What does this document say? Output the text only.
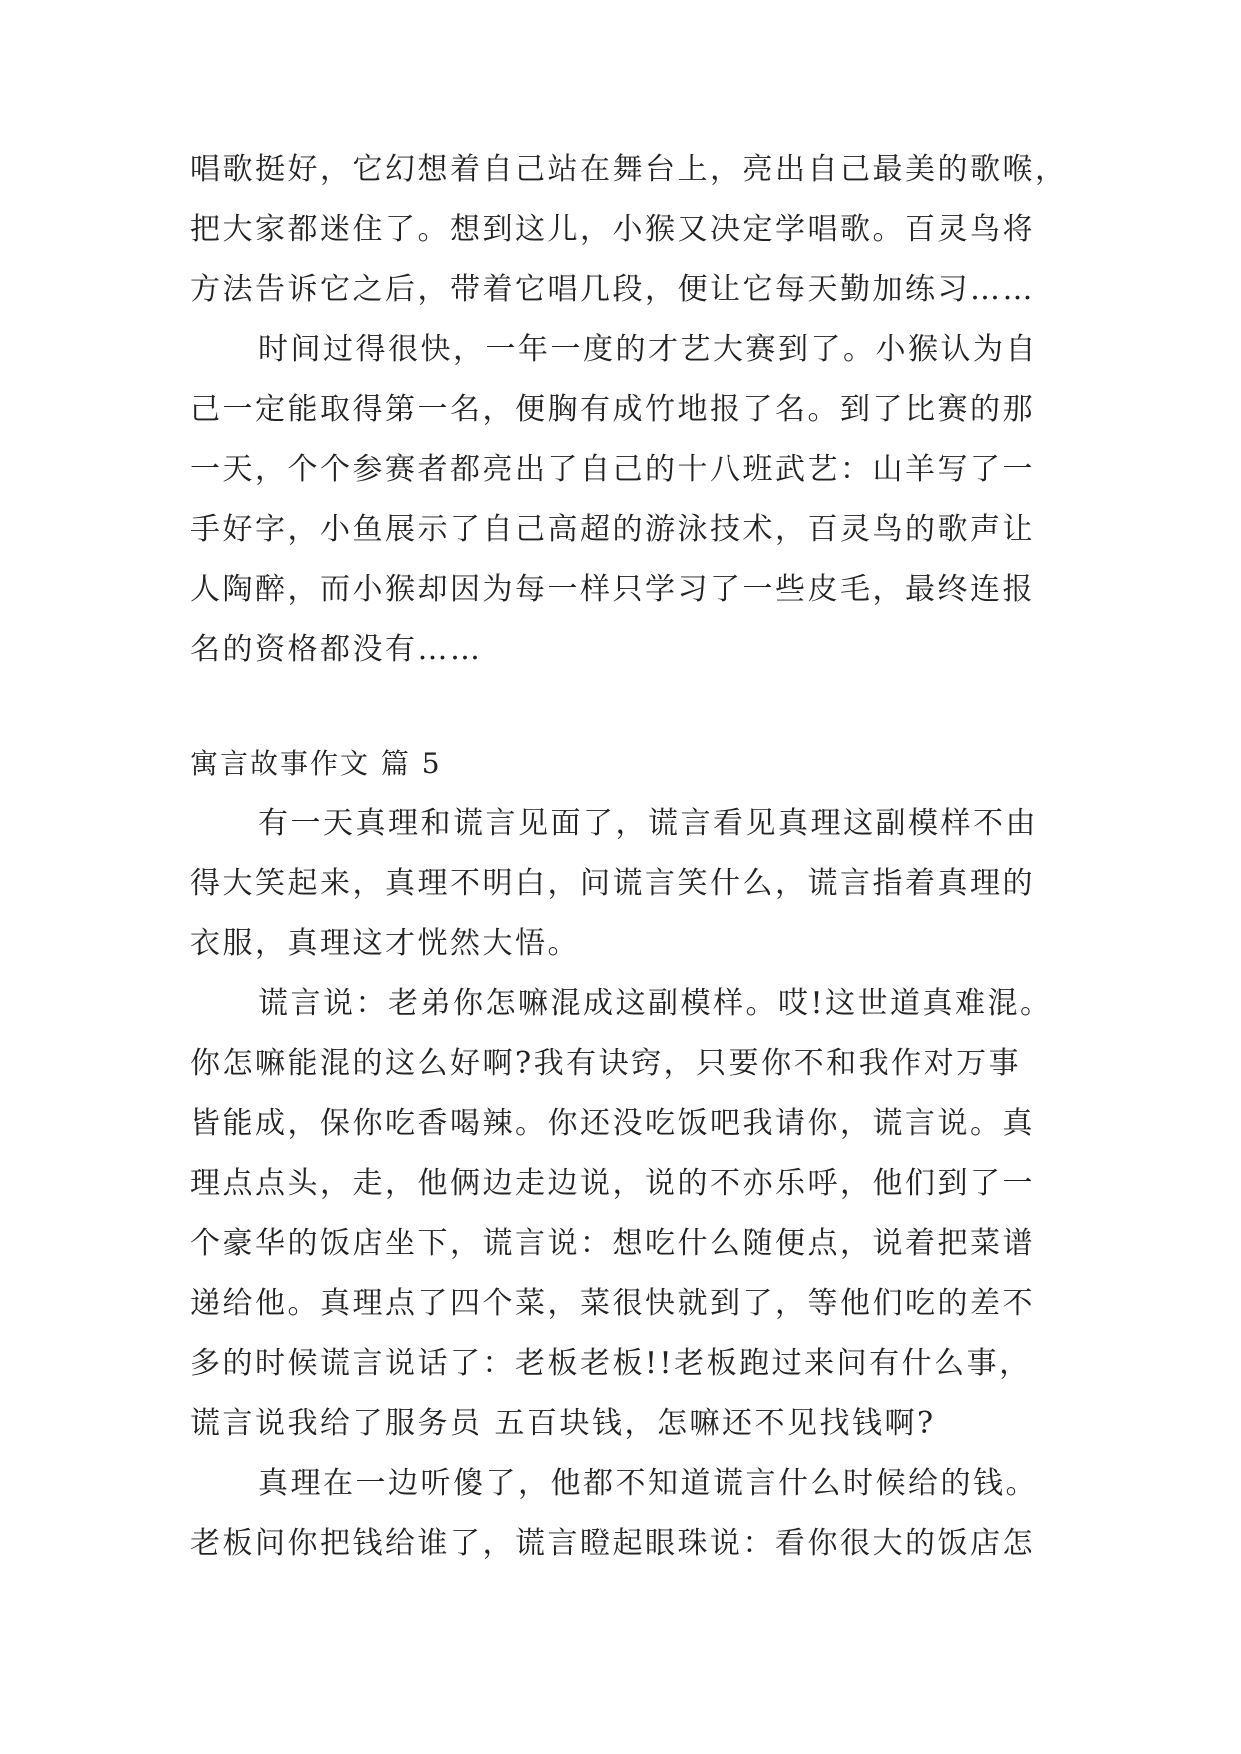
唱歌挺好，它幻想着自己站在舞台上，亮出自己最美的歌喉，
把大家都迷住了。想到这儿，小猴又决定学唱歌。百灵鸟将
方法告诉它之后，带着它唱几段，便让它每天勤加练习……
时间过得很快，一年一度的才艺大赛到了。小猴认为自
己一定能取得第一名，便胸有成竹地报了名。到了比赛的那
一天，个个参赛者都亮出了自己的十八班武艺：山羊写了一
手好字，小鱼展示了自己高超的游泳技术，百灵鸟的歌声让
人陶醉，而小猴却因为每一样只学习了一些皮毛，最终连报
名的资格都没有……
寓言故事作文 篇 5
有一天真理和谎言见面了，谎言看见真理这副模样不由
得大笑起来，真理不明白，问谎言笑什么，谎言指着真理的
衣服，真理这才恍然大悟。
谎言说：老弟你怎嘛混成这副模样。哎!这世道真难混。
你怎嘛能混的这么好啊?我有诀窍，只要你不和我作对万事
皆能成，保你吃香喝辣。你还没吃饭吧我请你，谎言说。真
理点点头，走，他俩边走边说，说的不亦乐呼，他们到了一
个豪华的饭店坐下，谎言说：想吃什么随便点，说着把菜谱
递给他。真理点了四个菜，菜很快就到了，等他们吃的差不
多的时候谎言说话了：老板老板!!老板跑过来问有什么事，
谎言说我给了服务员 五百块钱，怎嘛还不见找钱啊?
真理在一边听傻了，他都不知道谎言什么时候给的钱。
老板问你把钱给谁了，谎言瞪起眼珠说：看你很大的饭店怎
